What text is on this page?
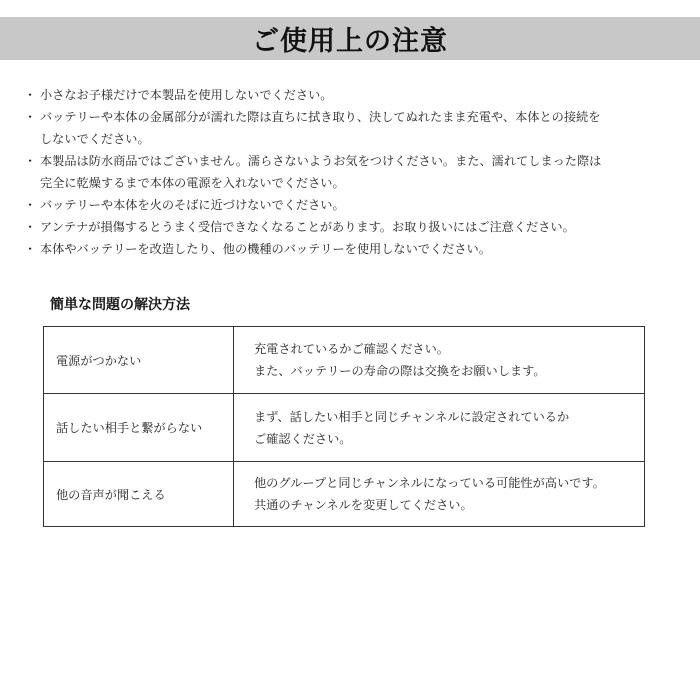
ご使用上の注意
・ 小さなお子様だけで本製品を使用しないでください。
・ バッテリーや本体の金属部分が濡れた際は直ちに拭き取り、決してぬれたまま充電や、本体との接続を
しないでください。
・ 本製品は防水商品ではございません。濡らさないようお気をつけください。また、濡れてしまった際は
完全に乾燥するまで本体の電源を入れないでください。
・ バッテリーや本体を火のそばに近づけないでください。
・ アンテナが損傷するとうまく受信できなくなることがあります。お取り扱いにはご注意ください。
・ 本体やバッテリーを改造したり、他の機種のバッテリーを使用しないでください。
簡単な問題の解決方法
電源がつかない	充電されているかご確認ください。
また、バッテリーの寿命の際は交換をお願いします。

話したい相手と繋がらない	まず、話したい相手と同じチャンネルに設定されているか
ご確認ください。

他の音声が聞こえる	他のグループと同じチャンネルになっている可能性が高いです。
共通のチャンネルを変更してください。
